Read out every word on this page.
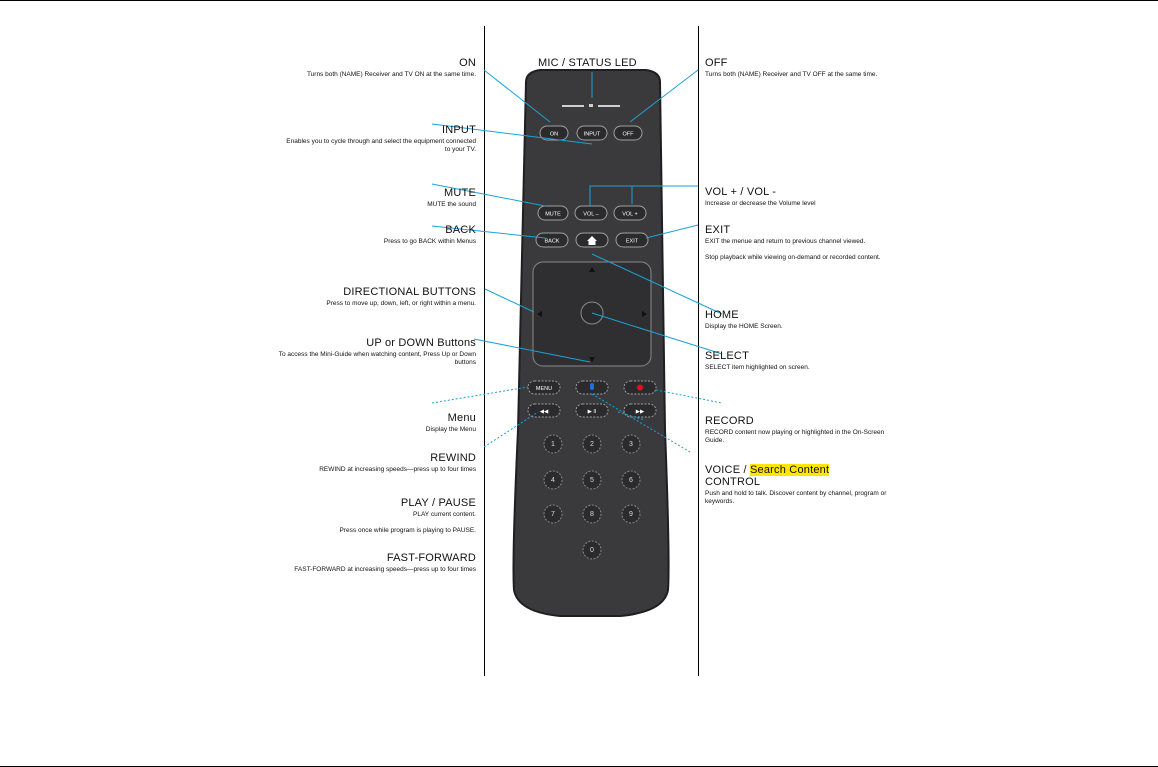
ON	INPUT	OFF
MUTE	VOL –	VOL +
BACK	EXIT
MENU
◀◀	▶ II	▶▶
1	2	3
4	5	6
7	8	9
0
ON
Turns both (NAME) Receiver and TV ON at the same time.
INPUT
Enables you to cycle through and select the equipment connected to your TV.
MUTE
MUTE the sound
BACK
Press to go BACK within Menus
DIRECTIONAL BUTTONS
Press to move up, down, left, or right within a menu.
UP or DOWN Buttons
To access the Mini-Guide when watching content, Press Up or Down buttons
Menu
Display the Menu
REWIND
REWIND at increasing speeds—press up to four times
PLAY / PAUSE
PLAY current content.
Press once while program is playing to PAUSE.
FAST-FORWARD
FAST-FORWARD at increasing speeds—press up to four times
MIC / STATUS LED	OFF
Turns both (NAME) Receiver and TV OFF at the same time.
VOL + / VOL -
Increase or decrease the Volume level
EXIT
EXIT the menue and return to previous channel viewed.
Stop playback while viewing on-demand or recorded content.
HOME
Display the HOME Screen.
SELECT
SELECT item highlighted on screen.
RECORD
RECORD content now playing or highlighted in the On-Screen Guide.
VOICE / Search Content
CONTROL
Push and hold to talk. Discover content by channel, program or keywords.
